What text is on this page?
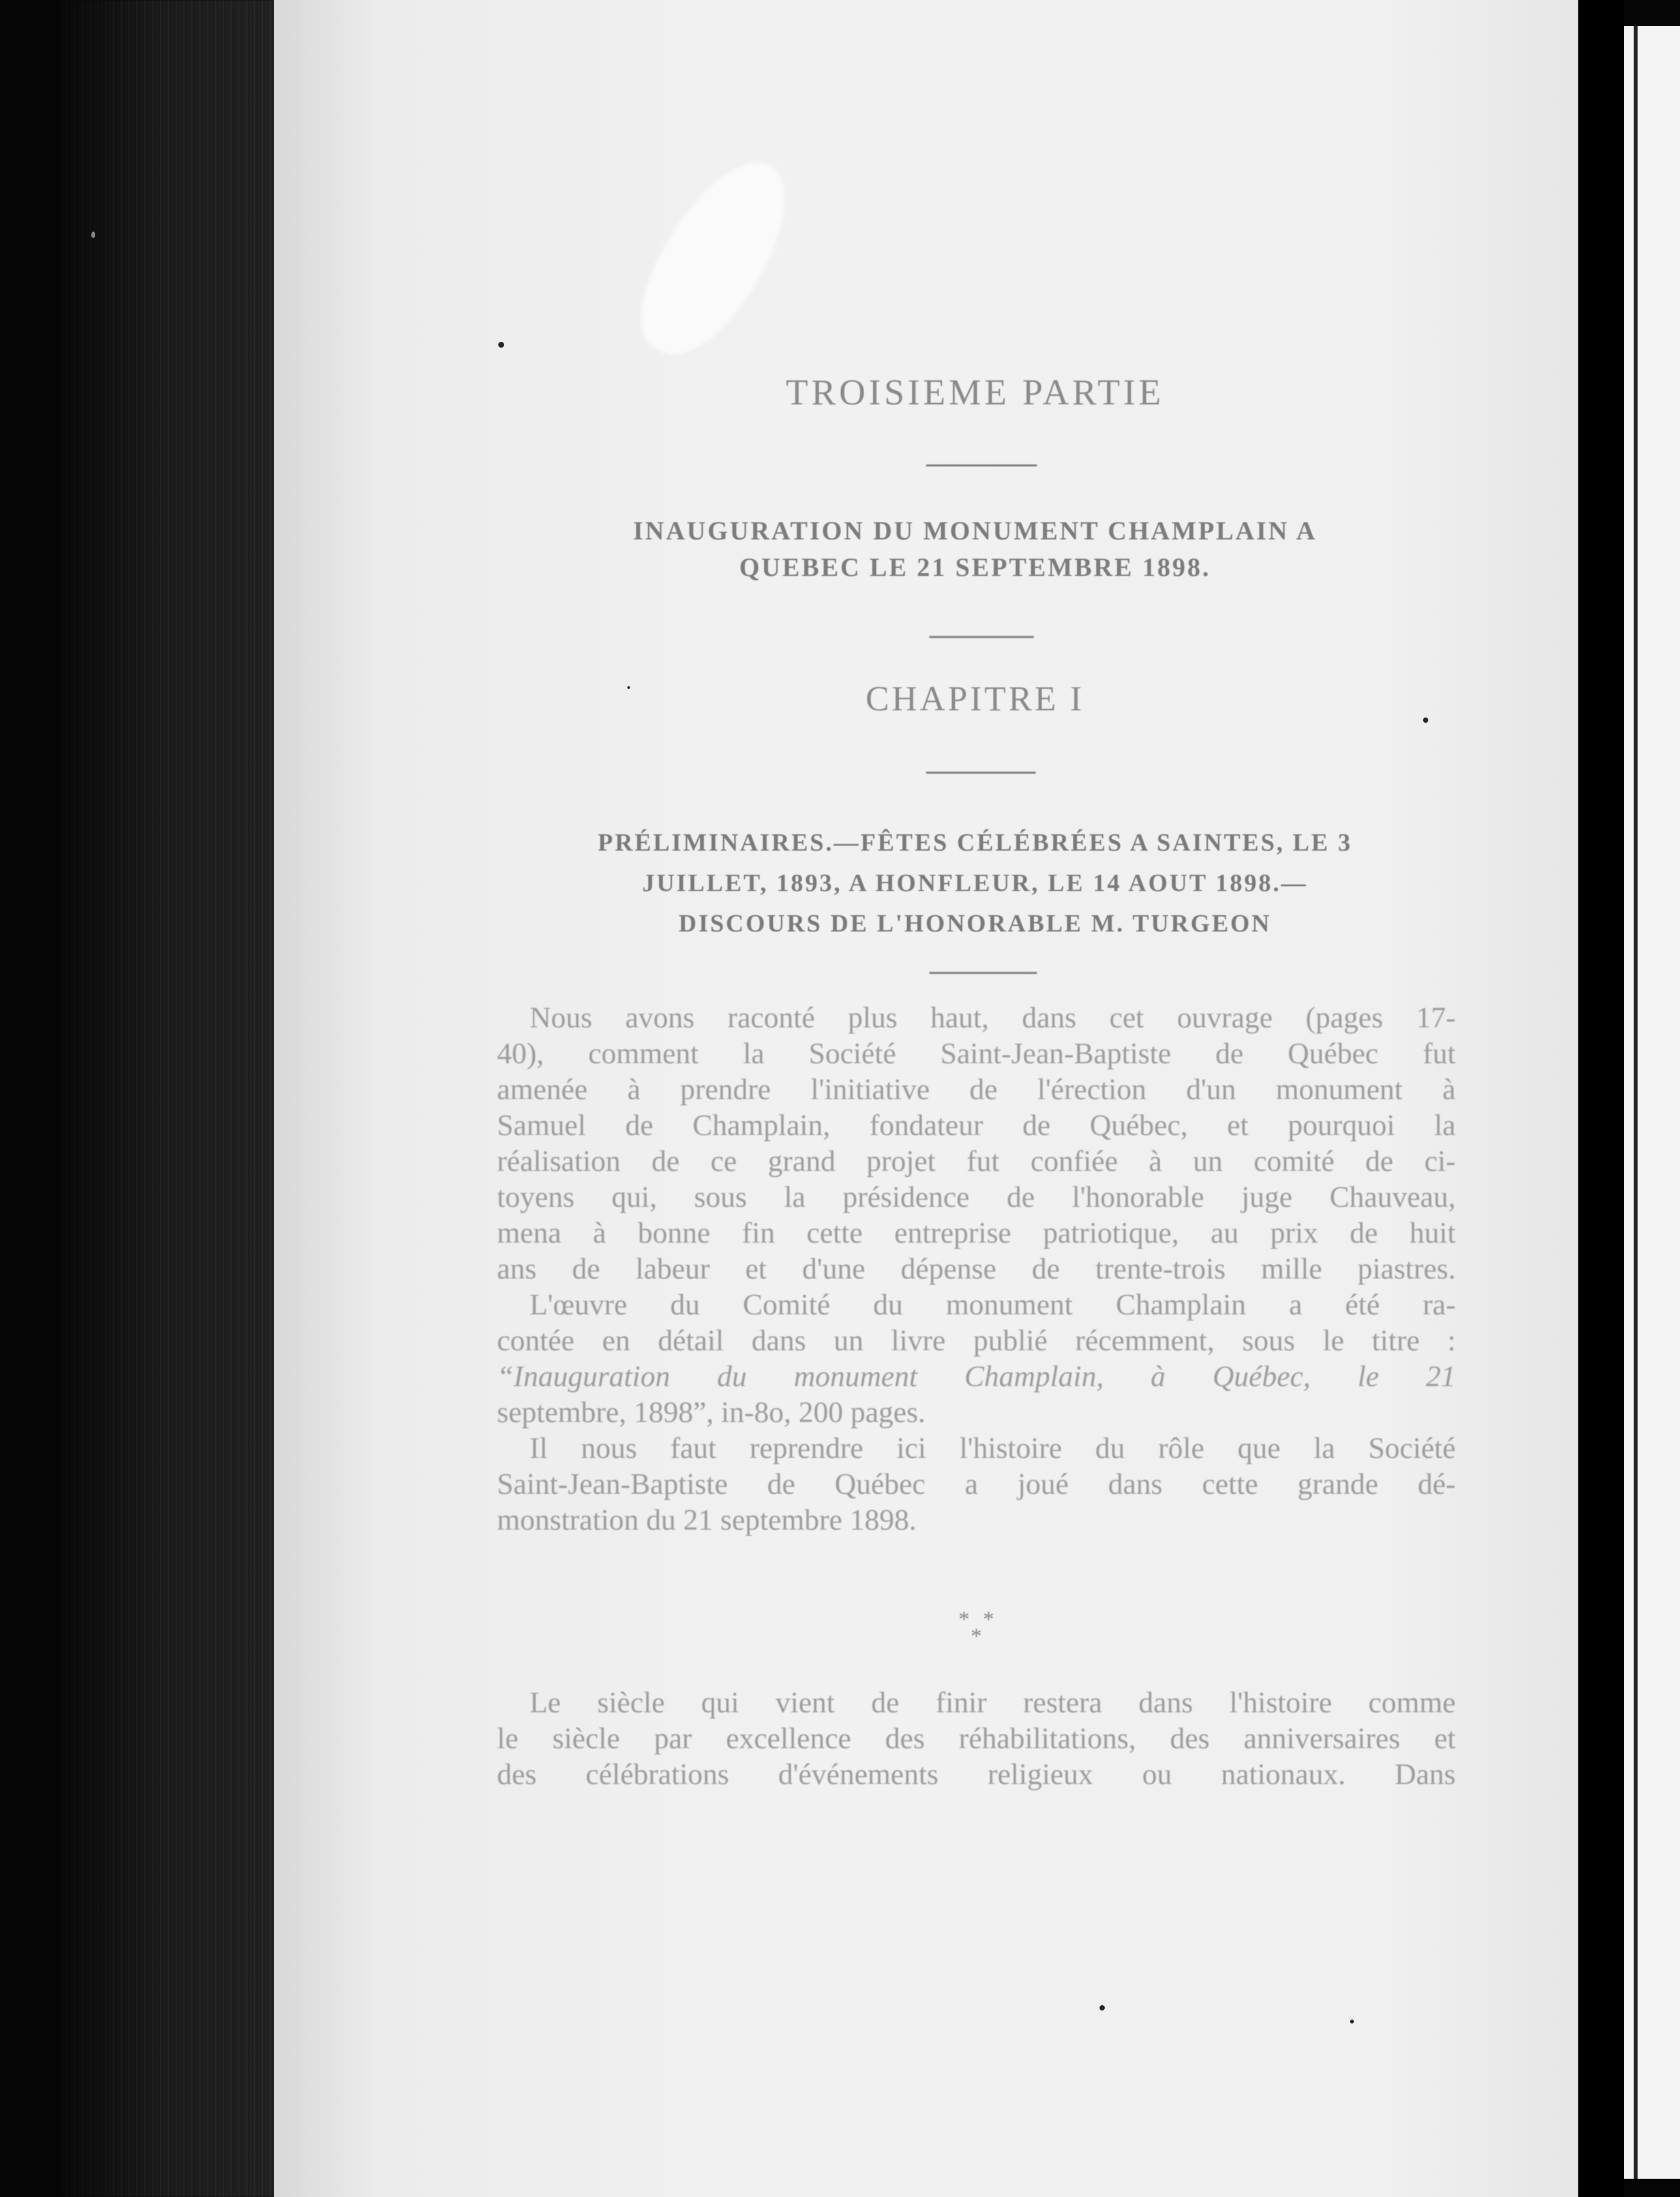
TROISIEME PARTIE
INAUGURATION DU MONUMENT CHAMPLAIN A
QUEBEC LE 21 SEPTEMBRE 1898.
CHAPITRE I
PRÉLIMINAIRES.—FÊTES CÉLÉBRÉES A SAINTES, LE 3
JUILLET, 1893, A HONFLEUR, LE 14 AOUT 1898.—
DISCOURS DE L'HONORABLE M. TURGEON
Nous avons raconté plus haut, dans cet ouvrage (pages 17-
40), comment la Société Saint-Jean-Baptiste de Québec fut
amenée à prendre l'initiative de l'érection d'un monument à
Samuel de Champlain, fondateur de Québec, et pourquoi la
réalisation de ce grand projet fut confiée à un comité de ci-
toyens qui, sous la présidence de l'honorable juge Chauveau,
mena à bonne fin cette entreprise patriotique, au prix de huit
ans de labeur et d'une dépense de trente-trois mille piastres.
L'œuvre du Comité du monument Champlain a été ra-
contée en détail dans un livre publié récemment, sous le titre :
“Inauguration du monument Champlain, à Québec, le 21
septembre, 1898”, in-8o, 200 pages.
Il nous faut reprendre ici l'histoire du rôle que la Société
Saint-Jean-Baptiste de Québec a joué dans cette grande dé-
monstration du 21 septembre 1898.
* * *
Le siècle qui vient de finir restera dans l'histoire comme
le siècle par excellence des réhabilitations, des anniversaires et
des célébrations d'événements religieux ou nationaux. Dans
